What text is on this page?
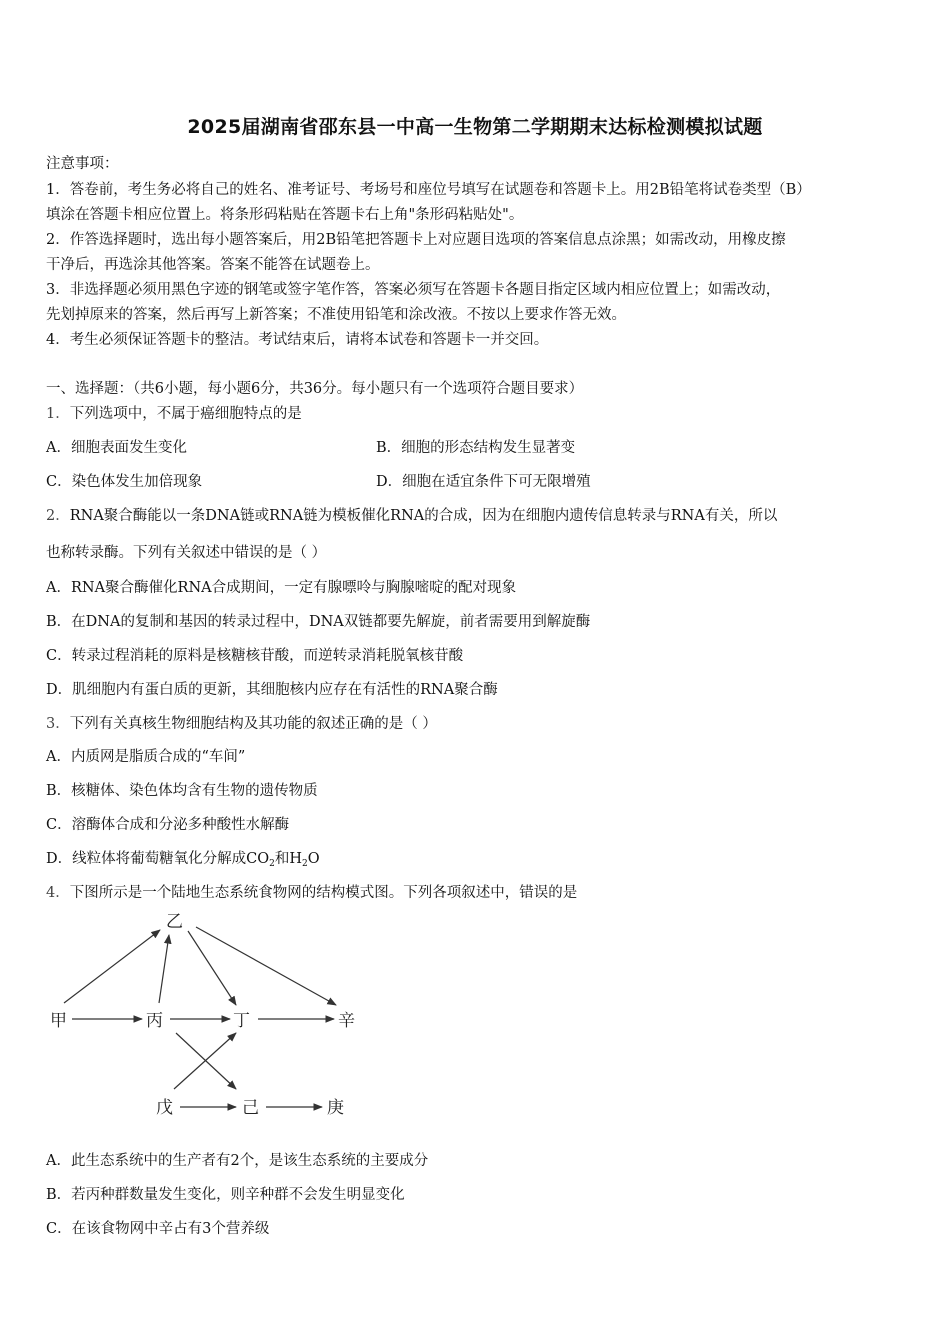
2025届湖南省邵东县一中高一生物第二学期期末达标检测模拟试题
注意事项：
1．答卷前，考生务必将自己的姓名、准考证号、考场号和座位号填写在试题卷和答题卡上。用2B铅笔将试卷类型（B）
填涂在答题卡相应位置上。将条形码粘贴在答题卡右上角"条形码粘贴处"。
2．作答选择题时，选出每小题答案后，用2B铅笔把答题卡上对应题目选项的答案信息点涂黑；如需改动，用橡皮擦
干净后，再选涂其他答案。答案不能答在试题卷上。
3．非选择题必须用黑色字迹的钢笔或签字笔作答，答案必须写在答题卡各题目指定区域内相应位置上；如需改动，
先划掉原来的答案，然后再写上新答案；不准使用铅笔和涂改液。不按以上要求作答无效。
4．考生必须保证答题卡的整洁。考试结束后，请将本试卷和答题卡一并交回。
一、选择题：（共6小题，每小题6分，共36分。每小题只有一个选项符合题目要求）
1．下列选项中，不属于癌细胞特点的是
A．细胞表面发生变化	B．细胞的形态结构发生显著变
C．染色体发生加倍现象	D．细胞在适宜条件下可无限增殖
2．RNA聚合酶能以一条DNA链或RNA链为模板催化RNA的合成，因为在细胞内遗传信息转录与RNA有关，所以
也称转录酶。下列有关叙述中错误的是（ ）
A．RNA聚合酶催化RNA合成期间，一定有腺嘌呤与胸腺嘧啶的配对现象
B．在DNA的复制和基因的转录过程中，DNA双链都要先解旋，前者需要用到解旋酶
C．转录过程消耗的原料是核糖核苷酸，而逆转录消耗脱氧核苷酸
D．肌细胞内有蛋白质的更新，其细胞核内应存在有活性的RNA聚合酶
3．下列有关真核生物细胞结构及其功能的叙述正确的是（ ）
A．内质网是脂质合成的“车间”
B．核糖体、染色体均含有生物的遗传物质
C．溶酶体合成和分泌多种酸性水解酶
D．线粒体将葡萄糖氧化分解成$CO_2$和$H_2O$
4．下图所示是一个陆地生态系统食物网的结构模式图。下列各项叙述中，错误的是
乙
甲	丙	丁	辛
戊	己	庚
A．此生态系统中的生产者有2个，是该生态系统的主要成分
B．若丙种群数量发生变化，则辛种群不会发生明显变化
C．在该食物网中辛占有3个营养级
